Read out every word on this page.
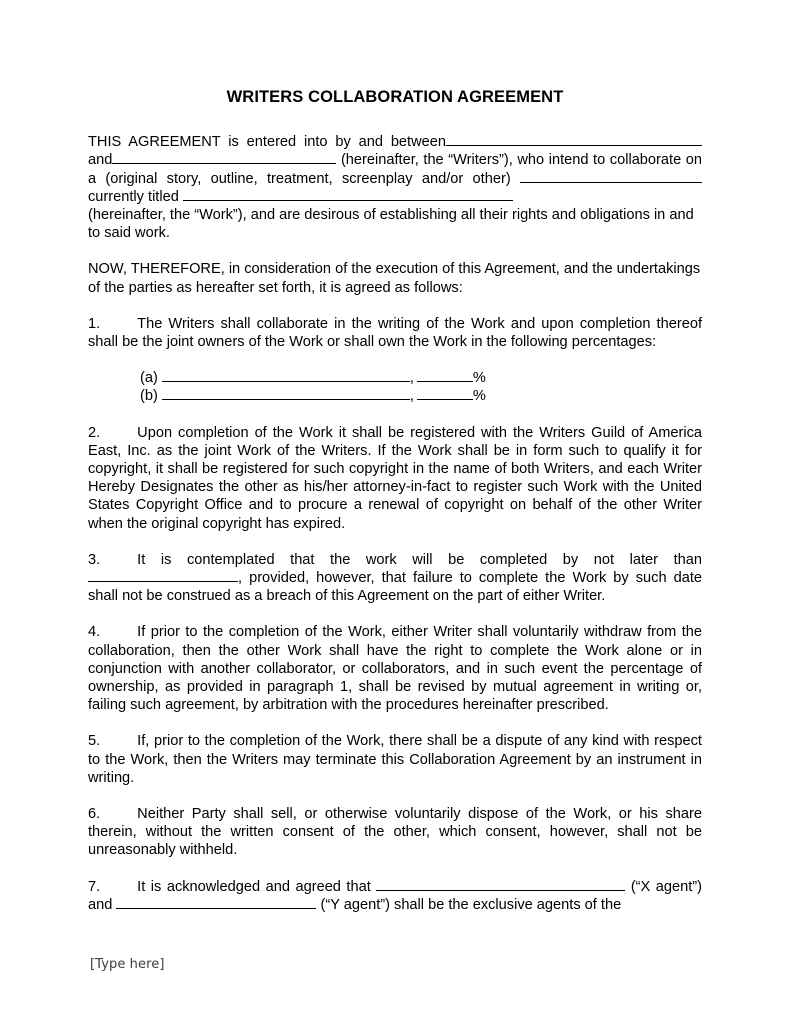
WRITERS COLLABORATION AGREEMENT

THIS AGREEMENT is entered into by and between and	(hereinafter, the “Writers”), who intend to collaborate on a (original story, outline, treatment, screenplay and/or other)  currently titled

(hereinafter, the “Work”), and are desirous of establishing all their rights and obligations in and to said work.

NOW, THEREFORE, in consideration of the execution of this Agreement, and the undertakings of the parties as hereafter set forth, it is agreed as follows:

1.	The Writers shall collaborate in the writing of the Work and upon completion thereof shall be the joint owners of the Work or shall own the Work in the following percentages:

(a)	,	%
(b)	,	%

2.	Upon completion of the Work it shall be registered with the Writers Guild of America East, Inc. as the joint Work of the Writers. If the Work shall be in form such to qualify it for copyright, it shall be registered for such copyright in the name of both Writers, and each Writer Hereby Designates the other as his/her attorney-in-fact to register such Work with the United States Copyright Office and to procure a renewal of copyright on behalf of the other Writer when the original copyright has expired.

3.	It is contemplated that the work will be completed by not later than, provided, however, that failure to complete the Work by such date shall not be construed as a breach of this Agreement on the part of either Writer.

4.	If prior to the completion of the Work, either Writer shall voluntarily withdraw from the collaboration, then the other Work shall have the right to complete the Work alone or in conjunction with another collaborator, or collaborators, and in such event the percentage of ownership, as provided in paragraph 1, shall be revised by mutual agreement in writing or, failing such agreement, by arbitration with the procedures hereinafter prescribed.

5.	If, prior to the completion of the Work, there shall be a dispute of any kind with respect to the Work, then the Writers may terminate this Collaboration Agreement by an instrument in writing.

6.	Neither Party shall sell, or otherwise voluntarily dispose of the Work, or his share therein, without the written consent of the other, which consent, however, shall not be unreasonably withheld.

7.	It is acknowledged and agreed that	(“X agent”) and	(“Y agent”) shall be the exclusive agents of the

[Type here]
